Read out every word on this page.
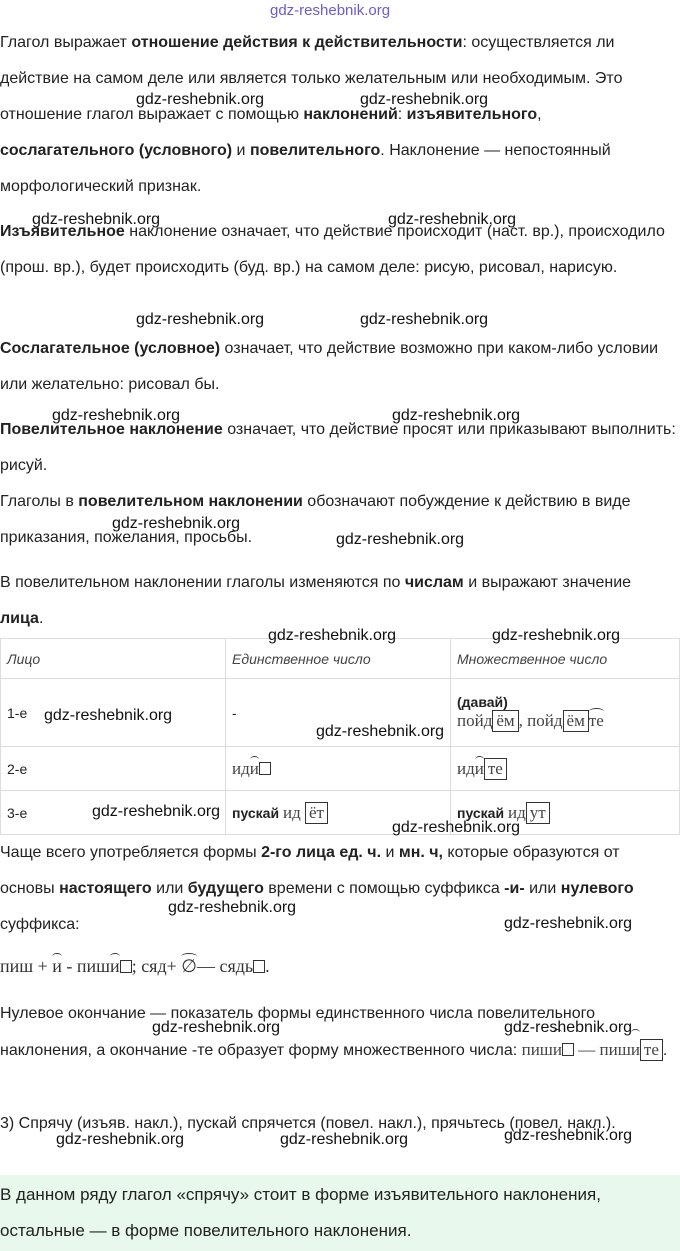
gdz-reshebnik.org

Глагол выражает отношение действия к действительности: осуществляется ли действие на самом деле или является только желательным или необходимым. Это отношение глагол выражает с помощью наклонений: изъявительного, сослагательного (условного) и повелительного. Наклонение — непостоянный морфологический признак.

Изъявительное наклонение означает, что действие происходит (наст. вр.), происходило (прош. вр.), будет происходить (буд. вр.) на самом деле: рисую, рисовал, нарисую.

Сослагательное (условное) означает, что действие возможно при каком-либо условии или желательно: рисовал бы.

Повелительное наклонение означает, что действие просят или приказывают выполнить: рисуй.

Глаголы в повелительном наклонении обозначают побуждение к действию в виде приказания, пожелания, просьбы.

В повелительном наклонении глаголы изменяются по числам и выражают значение лица.

Лицо	Единственное число	Множественное число
1-е	-	(давай)
пойд ём , пойд ём те
2-е	иди	иди те
3-е	пускай ид ёт	пускай ид ут

Чаще всего употребляется формы 2-го лица ед. ч. и мн. ч, которые образуются от основы настоящего или будущего времени с помощью суффикса -и- или нулевого суффикса:

пиш + и - пиши ; сяд+ ∅— сядь .

Нулевое окончание — показатель формы единственного числа повелительного наклонения, а окончание -те образует форму множественного числа: пиши — пиши те .

3) Спрячу (изъяв. накл.), пускай спрячется (повел. накл.), прячьтесь (повел. накл.).

В данном ряду глагол «спрячу» стоит в форме изъявительного наклонения, остальные — в форме повелительного наклонения.

gdz-reshebnik.org	gdz-reshebnik.org
gdz-reshebnik.org	gdz-reshebnik.org
gdz-reshebnik.org	gdz-reshebnik.org
gdz-reshebnik.org	gdz-reshebnik.org
gdz-reshebnik.org
gdz-reshebnik.org
gdz-reshebnik.org	gdz-reshebnik.org
gdz-reshebnik.org
gdz-reshebnik.org
gdz-reshebnik.org
gdz-reshebnik.org
gdz-reshebnik.org
gdz-reshebnik.org
gdz-reshebnik.org	gdz-reshebnik.org
gdz-reshebnik.org	gdz-reshebnik.org	gdz-reshebnik.org
